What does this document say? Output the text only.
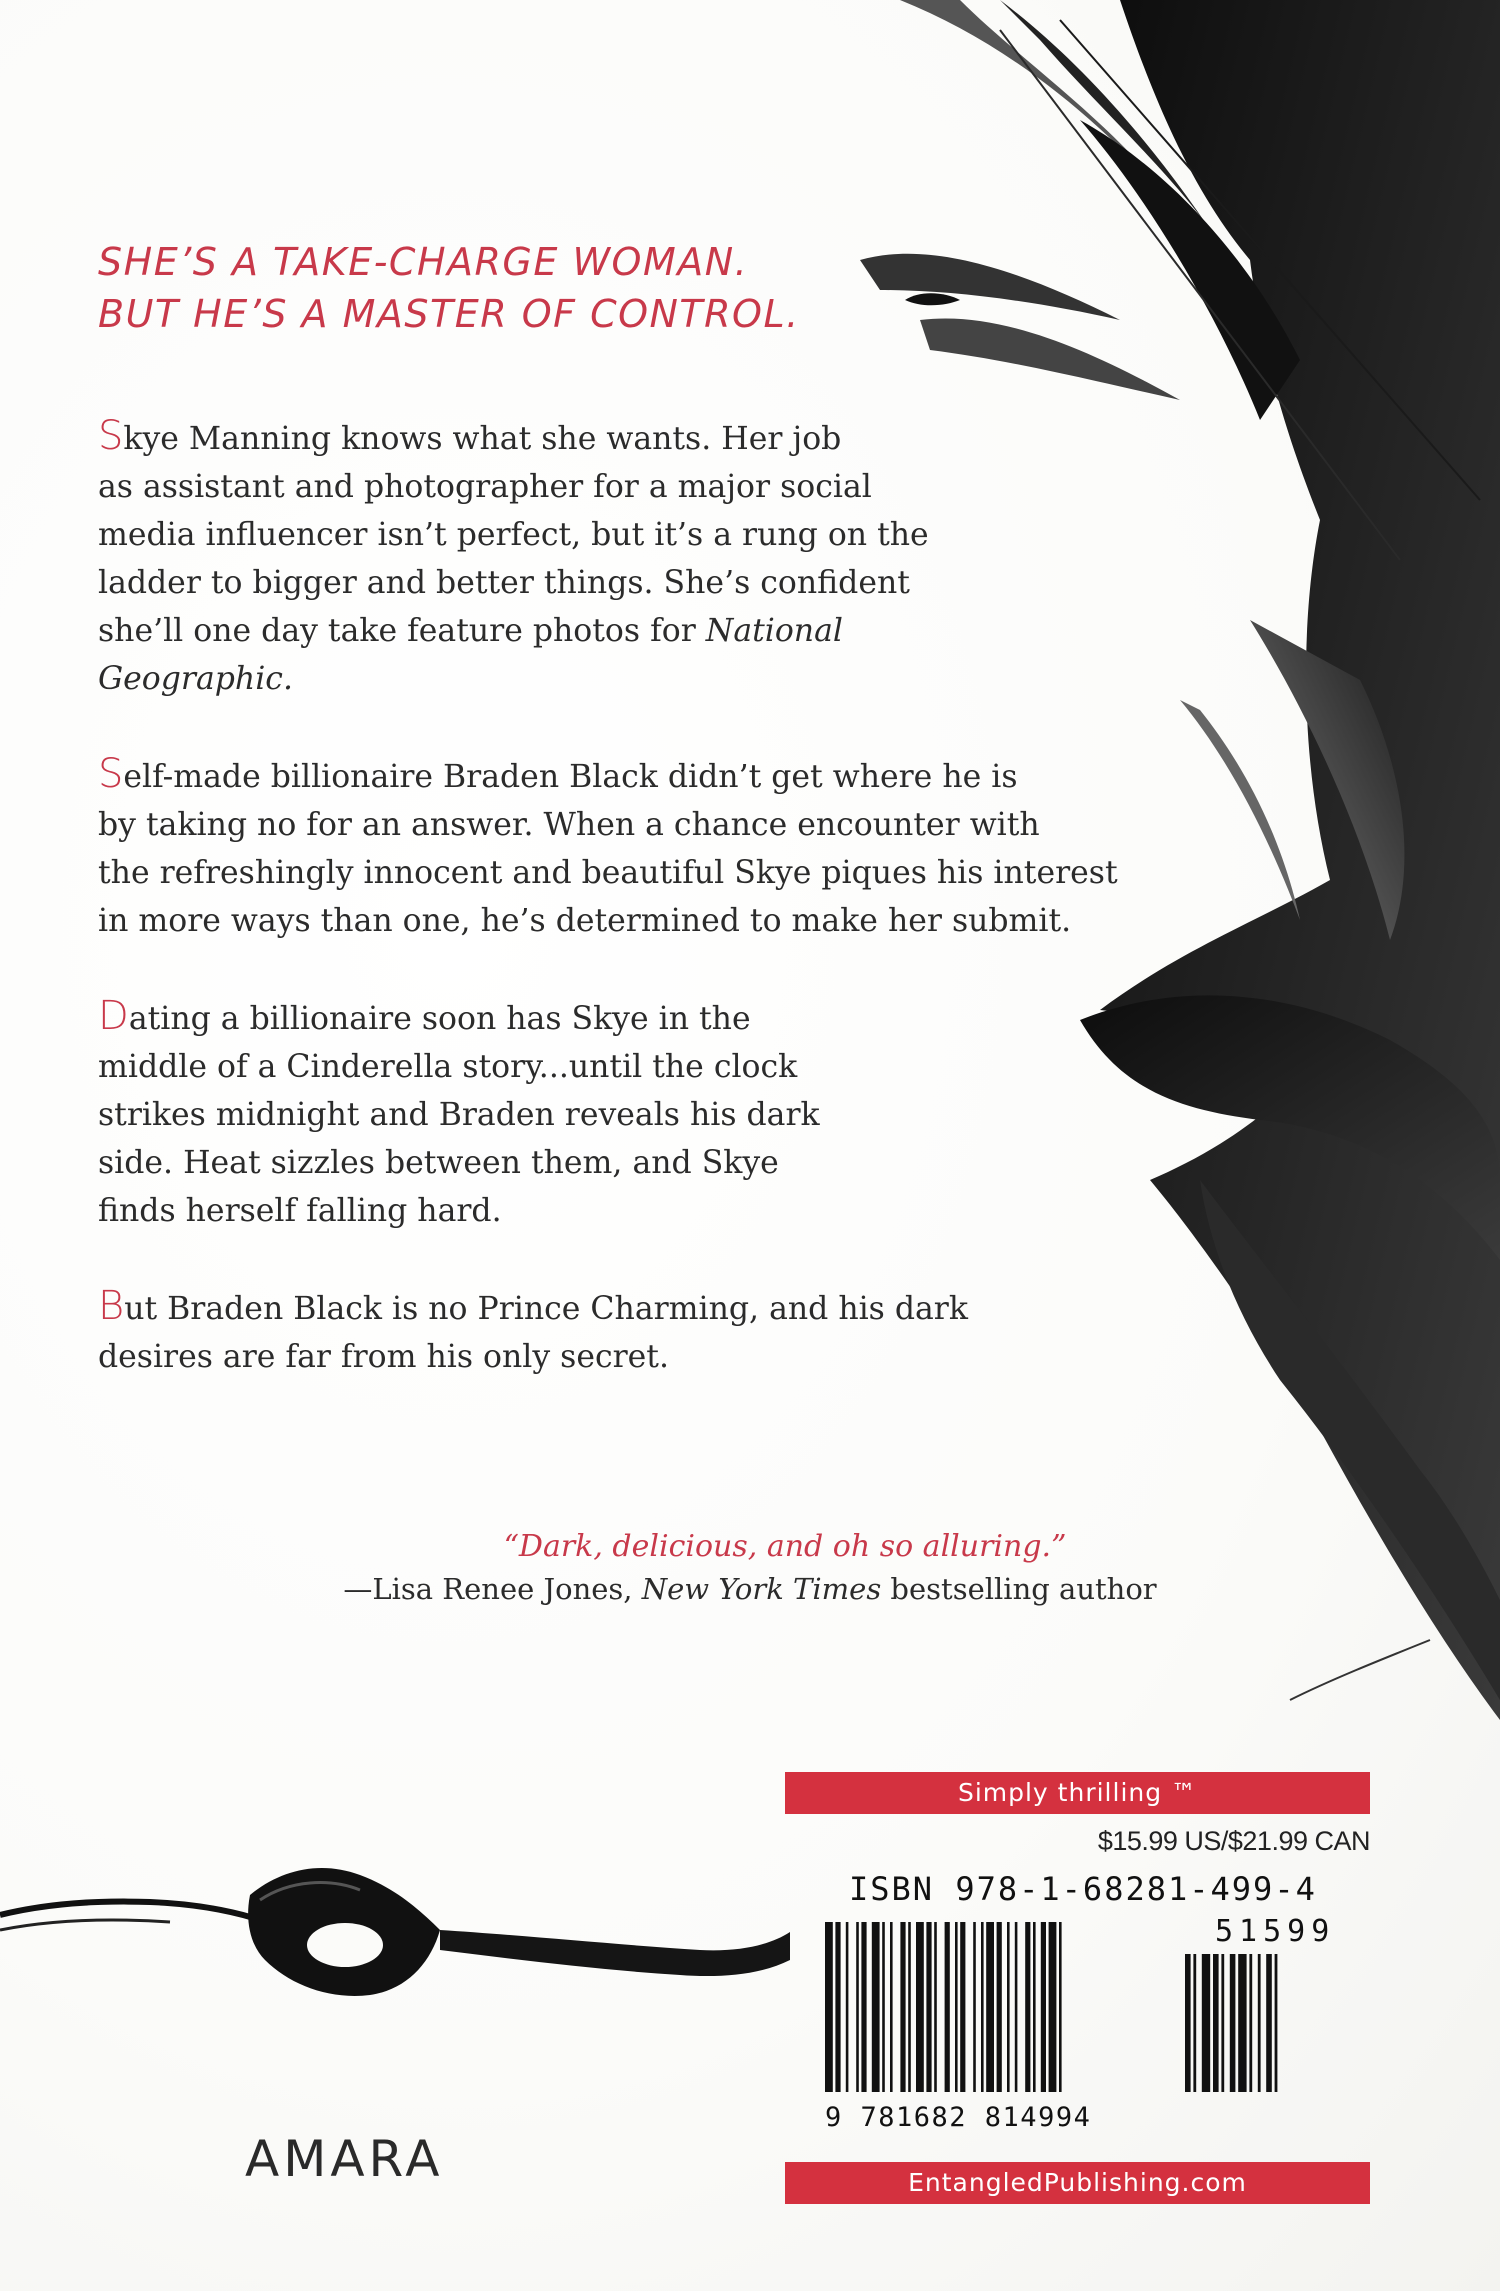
SHE’S A TAKE-CHARGE WOMAN.
BUT HE’S A MASTER OF CONTROL.

Skye Manning knows what she wants. Her job
as assistant and photographer for a major social
media influencer isn’t perfect, but it’s a rung on the
ladder to bigger and better things. She’s confident
she’ll one day take feature photos for National
Geographic.

Self-made billionaire Braden Black didn’t get where he is
by taking no for an answer. When a chance encounter with
the refreshingly innocent and beautiful Skye piques his interest
in more ways than one, he’s determined to make her submit.

Dating a billionaire soon has Skye in the
middle of a Cinderella story...until the clock
strikes midnight and Braden reveals his dark
side. Heat sizzles between them, and Skye
finds herself falling hard.

But Braden Black is no Prince Charming, and his dark
desires are far from his only secret.

“Dark, delicious, and oh so alluring.”
—Lisa Renee Jones, New York Times bestselling author
AMARA
Simply thrilling ™
$15.99 US/$21.99 CAN
ISBN 978-1-68281-499-4
51599
9 781682 814994
EntangledPublishing.com
